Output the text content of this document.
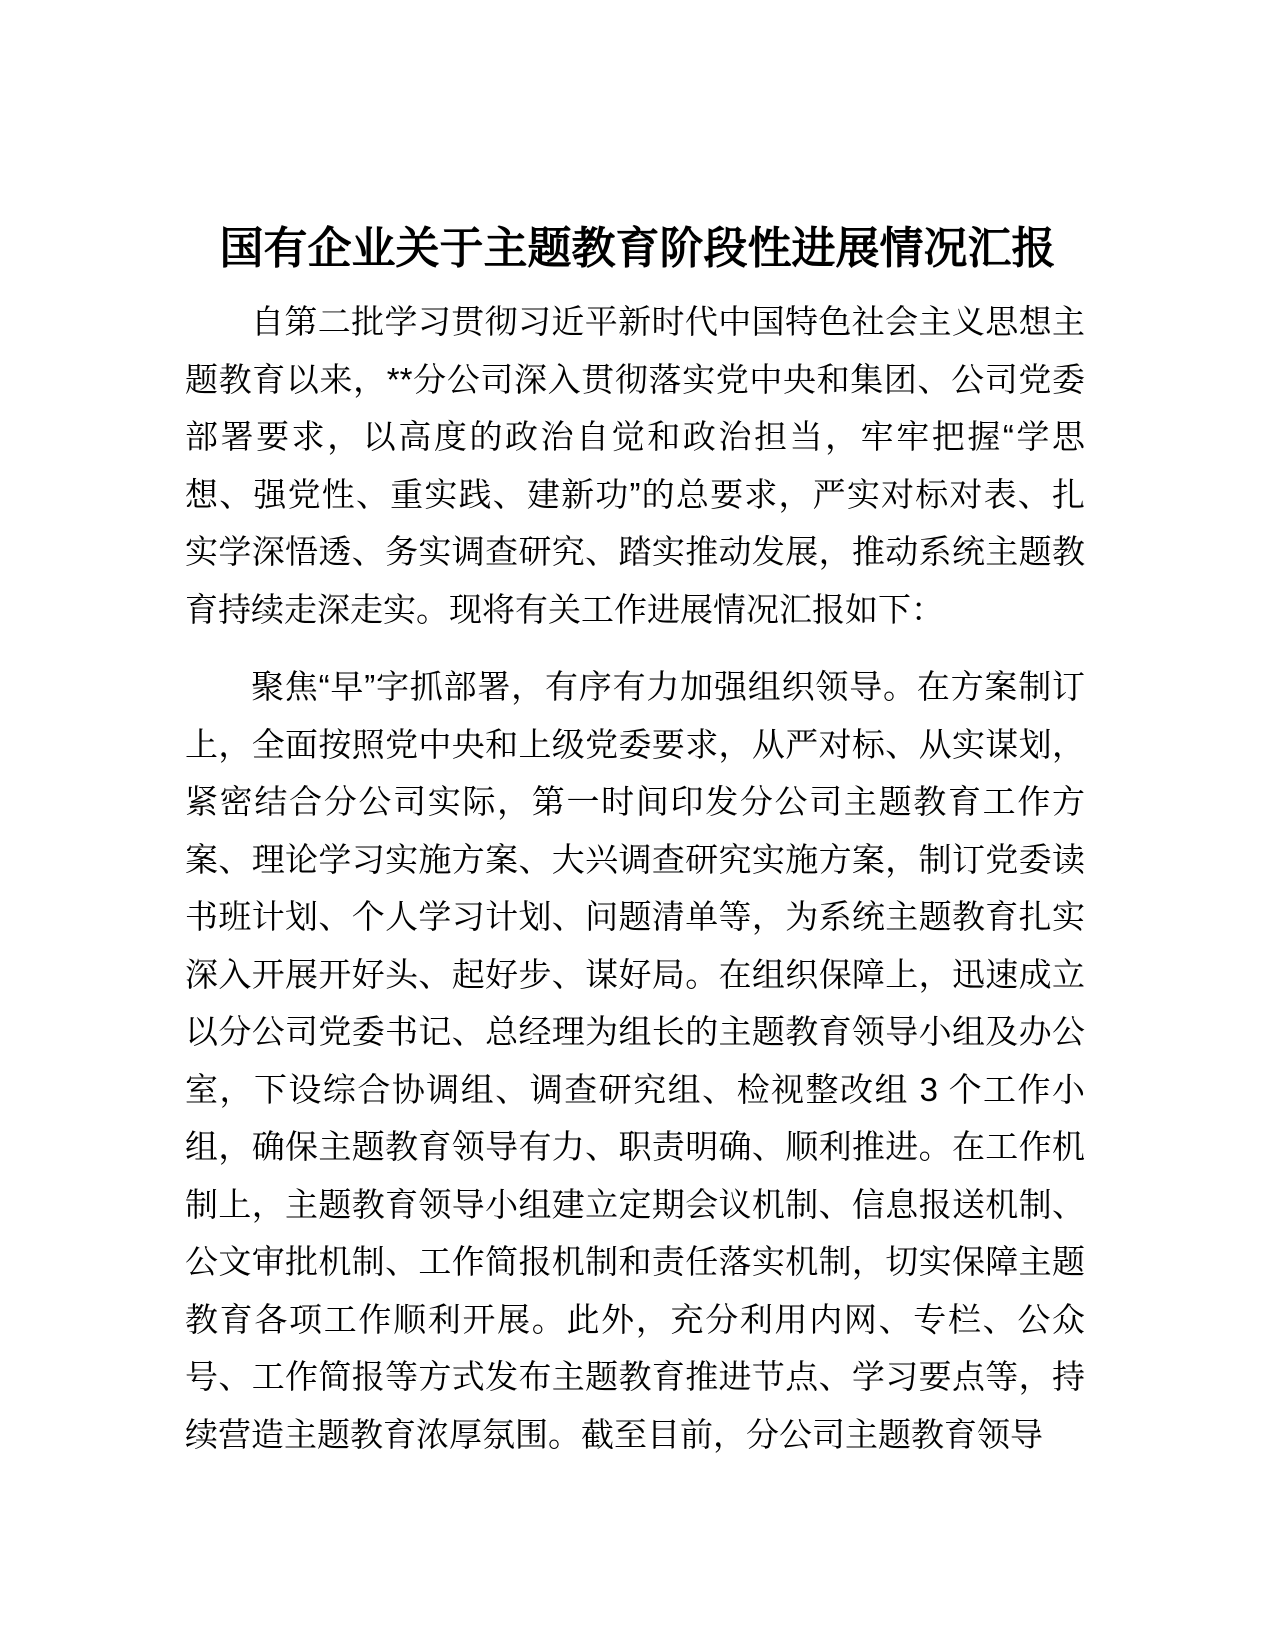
国有企业关于主题教育阶段性进展情况汇报

自第二批学习贯彻习近平新时代中国特色社会主义思想主题教育以来，**分公司深入贯彻落实党中央和集团、公司党委部署要求，以高度的政治自觉和政治担当，牢牢把握“学思想、强党性、重实践、建新功”的总要求，严实对标对表、扎实学深悟透、务实调查研究、踏实推动发展，推动系统主题教育持续走深走实。现将有关工作进展情况汇报如下：

聚焦“早”字抓部署，有序有力加强组织领导。在方案制订上，全面按照党中央和上级党委要求，从严对标、从实谋划，紧密结合分公司实际，第一时间印发分公司主题教育工作方案、理论学习实施方案、大兴调查研究实施方案，制订党委读书班计划、个人学习计划、问题清单等，为系统主题教育扎实深入开展开好头、起好步、谋好局。在组织保障上，迅速成立以分公司党委书记、总经理为组长的主题教育领导小组及办公室，下设综合协调组、调查研究组、检视整改组 3 个工作小组，确保主题教育领导有力、职责明确、顺利推进。在工作机制上，主题教育领导小组建立定期会议机制、信息报送机制、公文审批机制、工作简报机制和责任落实机制，切实保障主题教育各项工作顺利开展。此外，充分利用内网、专栏、公众号、工作简报等方式发布主题教育推进节点、学习要点等，持续营造主题教育浓厚氛围。截至目前，分公司主题教育领导
